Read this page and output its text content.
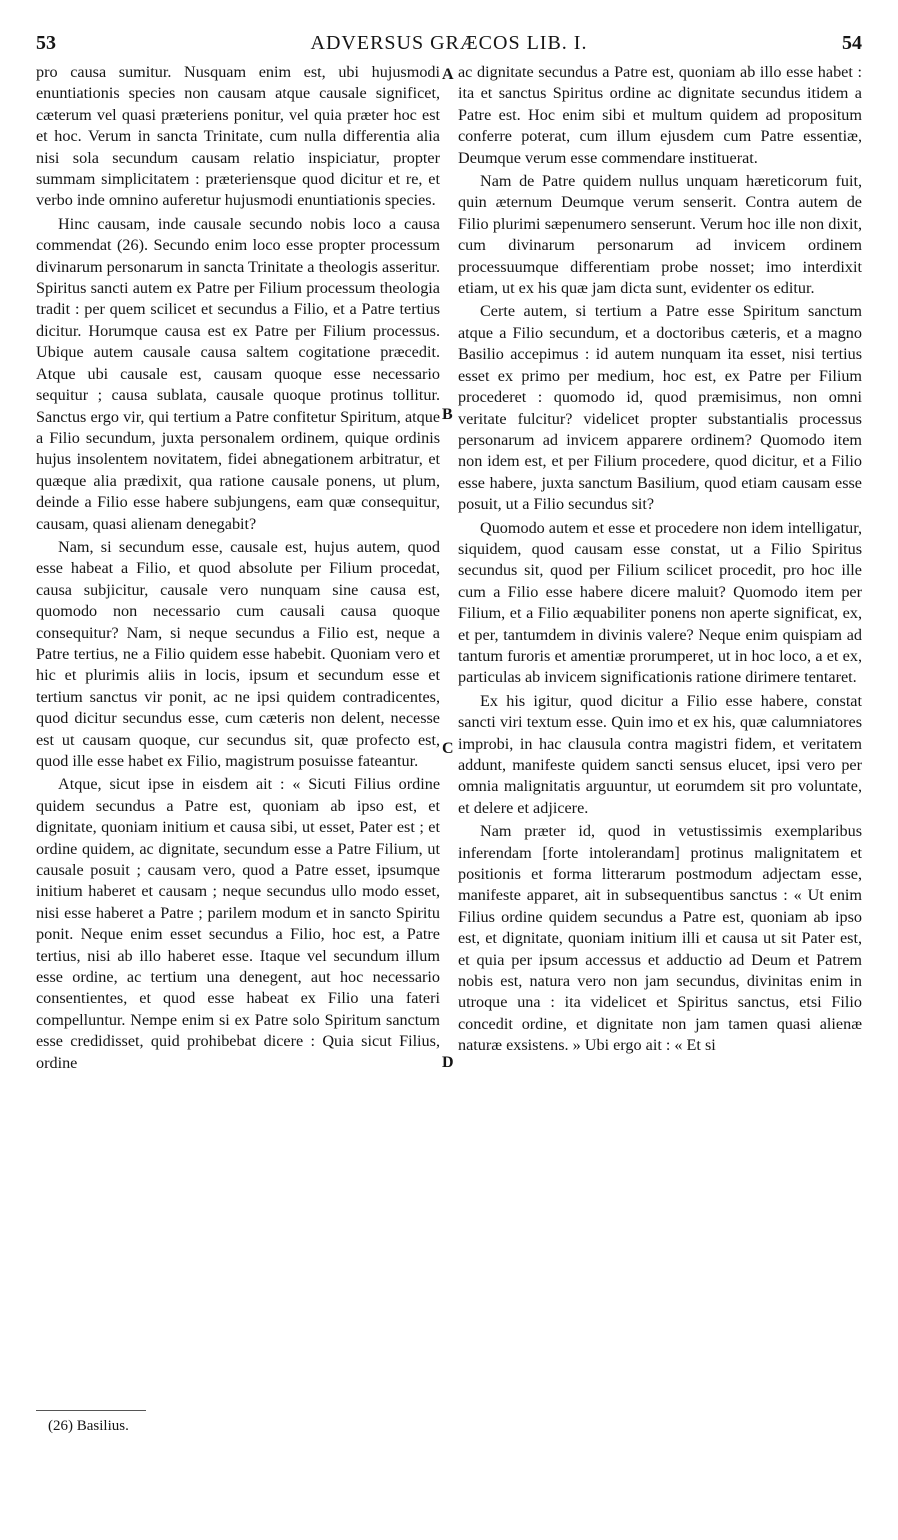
53	ADVERSUS GRÆCOS LIB. I.	54

pro causa sumitur. Nusquam enim est, ubi hujusmodi enuntiationis species non causam atque causale significet, cæterum vel quasi præteriens ponitur, vel quia præter hoc est et hoc. Verum in sancta Trinitate, cum nulla differentia alia nisi sola secundum causam relatio inspiciatur, propter summam simplicitatem : præteriensque quod dicitur et re, et verbo inde omnino auferetur hujusmodi enuntiationis species.

Hinc causam, inde causale secundo nobis loco a causa commendat (26). Secundo enim loco esse propter processum divinarum personarum in sancta Trinitate a theologis asseritur. Spiritus sancti autem ex Patre per Filium processum theologia tradit : per quem scilicet et secundus a Filio, et a Patre tertius dicitur. Horumque causa est ex Patre per Filium processus. Ubique autem causale causa saltem cogitatione præcedit. Atque ubi causale est, causam quoque esse necessario sequitur ; causa sublata, causale quoque protinus tollitur. Sanctus ergo vir, qui tertium a Patre confitetur Spiritum, atque a Filio secundum, juxta personalem ordinem, quique ordinis hujus insolentem novitatem, fidei abnegationem arbitratur, et quæque alia prædixit, qua ratione causale ponens, ut plum, deinde a Filio esse habere subjungens, eam quæ consequitur, causam, quasi alienam denegabit?

Nam, si secundum esse, causale est, hujus autem, quod esse habeat a Filio, et quod absolute per Filium procedat, causa subjicitur, causale vero nunquam sine causa est, quomodo non necessario cum causali causa quoque consequitur? Nam, si neque secundus a Filio est, neque a Patre tertius, ne a Filio quidem esse habebit. Quoniam vero et hic et plurimis aliis in locis, ipsum et secundum esse et tertium sanctus vir ponit, ac ne ipsi quidem contradicentes, quod dicitur secundus esse, cum cæteris non delent, necesse est ut causam quoque, cur secundus sit, quæ profecto est, quod ille esse habet ex Filio, magistrum posuisse fateantur.

Atque, sicut ipse in eisdem ait : « Sicuti Filius ordine quidem secundus a Patre est, quoniam ab ipso est, et dignitate, quoniam initium et causa sibi, ut esset, Pater est ; et ordine quidem, ac dignitate, secundum esse a Patre Filium, ut causale posuit ; causam vero, quod a Patre esset, ipsumque initium haberet et causam ; neque secundus ullo modo esset, nisi esse haberet a Patre ; parilem modum et in sancto Spiritu ponit. Neque enim esset secundus a Filio, hoc est, a Patre tertius, nisi ab illo haberet esse. Itaque vel secundum illum esse ordine, ac tertium una denegent, aut hoc necessario consentientes, et quod esse habeat ex Filio una fateri compelluntur. Nempe enim si ex Patre solo Spiritum sanctum esse credidisset, quid prohibebat dicere : Quia sicut Filius, ordine

ac dignitate secundus a Patre est, quoniam ab illo esse habet : ita et sanctus Spiritus ordine ac dignitate secundus itidem a Patre est. Hoc enim sibi et multum quidem ad propositum conferre poterat, cum illum ejusdem cum Patre essentiæ, Deumque verum esse commendare instituerat.

Nam de Patre quidem nullus unquam hæreticorum fuit, quin æternum Deumque verum senserit. Contra autem de Filio plurimi sæpenumero senserunt. Verum hoc ille non dixit, cum divinarum personarum ad invicem ordinem processuumque differentiam probe nosset; imo interdixit etiam, ut ex his quæ jam dicta sunt, evidenter os editur.

Certe autem, si tertium a Patre esse Spiritum sanctum atque a Filio secundum, et a doctoribus cæteris, et a magno Basilio accepimus : id autem nunquam ita esset, nisi tertius esset ex primo per medium, hoc est, ex Patre per Filium procederet : quomodo id, quod præmisimus, non omni veritate fulcitur? videlicet propter substantialis processus personarum ad invicem apparere ordinem? Quomodo item non idem est, et per Filium procedere, quod dicitur, et a Filio esse habere, juxta sanctum Basilium, quod etiam causam esse posuit, ut a Filio secundus sit?

Quomodo autem et esse et procedere non idem intelligatur, siquidem, quod causam esse constat, ut a Filio Spiritus secundus sit, quod per Filium scilicet procedit, pro hoc ille cum a Filio esse habere dicere maluit? Quomodo item per Filium, et a Filio æquabiliter ponens non aperte significat, ex, et per, tantumdem in divinis valere? Neque enim quispiam ad tantum furoris et amentiæ prorumperet, ut in hoc loco, a et ex, particulas ab invicem significationis ratione dirimere tentaret.

Ex his igitur, quod dicitur a Filio esse habere, constat sancti viri textum esse. Quin imo et ex his, quæ calumniatores improbi, in hac clausula contra magistri fidem, et veritatem addunt, manifeste quidem sancti sensus elucet, ipsi vero per omnia malignitatis arguuntur, ut eorumdem sit pro voluntate, et delere et adjicere.

Nam præter id, quod in vetustissimis exemplaribus inferendam [forte intolerandam] protinus malignitatem et positionis et forma litterarum postmodum adjectam esse, manifeste apparet, ait in subsequentibus sanctus : « Ut enim Filius ordine quidem secundus a Patre est, quoniam ab ipso est, et dignitate, quoniam initium illi et causa ut sit Pater est, et quia per ipsum accessus et adductio ad Deum et Patrem nobis est, natura vero non jam secundus, divinitas enim in utroque una : ita videlicet et Spiritus sanctus, etsi Filio concedit ordine, et dignitate non jam tamen quasi alienæ naturæ exsistens. » Ubi ergo ait : « Et si

A
B
C
D
(26) Basilius.
